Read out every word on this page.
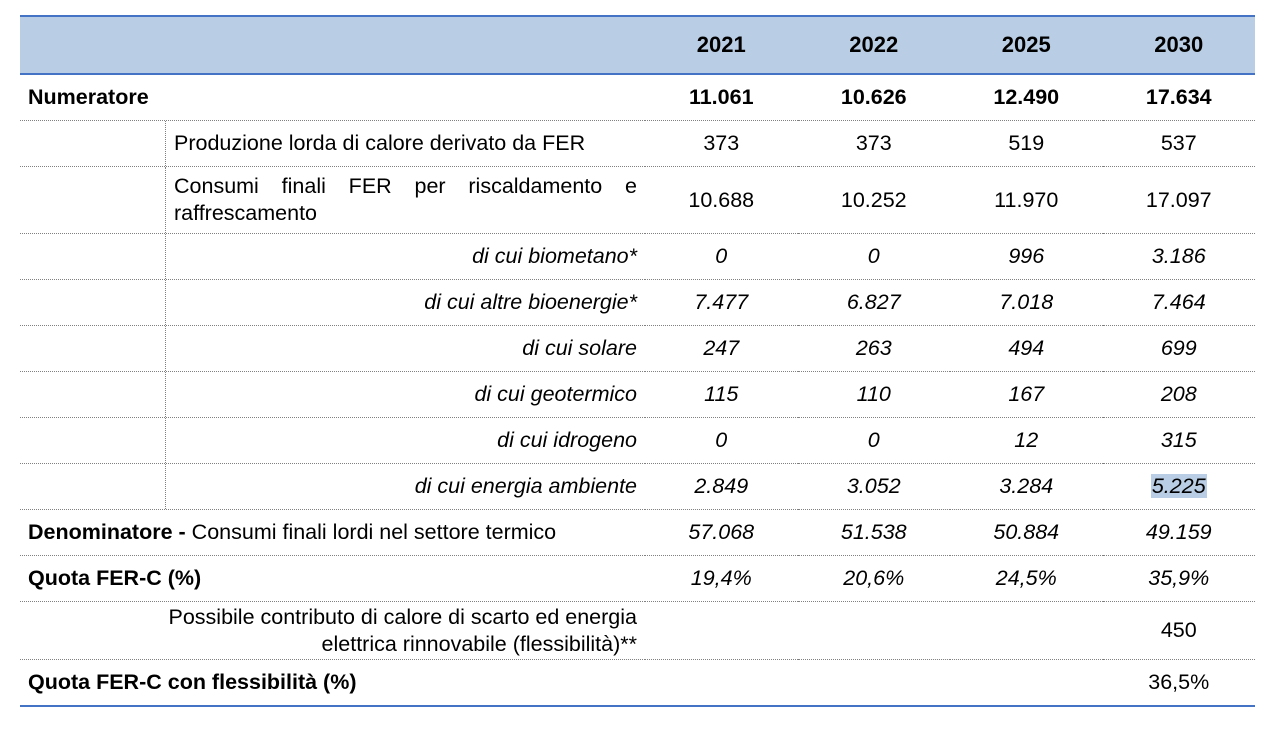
	2021	2022	2025	2030
Numeratore	11.061	10.626	12.490	17.634

Produzione lorda di calore derivato da FER	373	373	519	537

Consumi finali FER per riscaldamento e raffrescamento	10.688	10.252	11.970	17.097

di cui biometano*	0	0	996	3.186

di cui altre bioenergie*	7.477	6.827	7.018	7.464

di cui solare	247	263	494	699

di cui geotermico	115	110	167	208

di cui idrogeno	0	0	12	315

di cui energia ambiente	2.849	3.052	3.284	5.225
Denominatore - Consumi finali lordi nel settore termico	57.068	51.538	50.884	49.159
Quota FER-C (%)	19,4%	20,6%	24,5%	35,9%

Possibile contributo di calore di scarto ed energia elettrica rinnovabile (flessibilità)**				450
Quota FER-C con flessibilità (%)				36,5%
